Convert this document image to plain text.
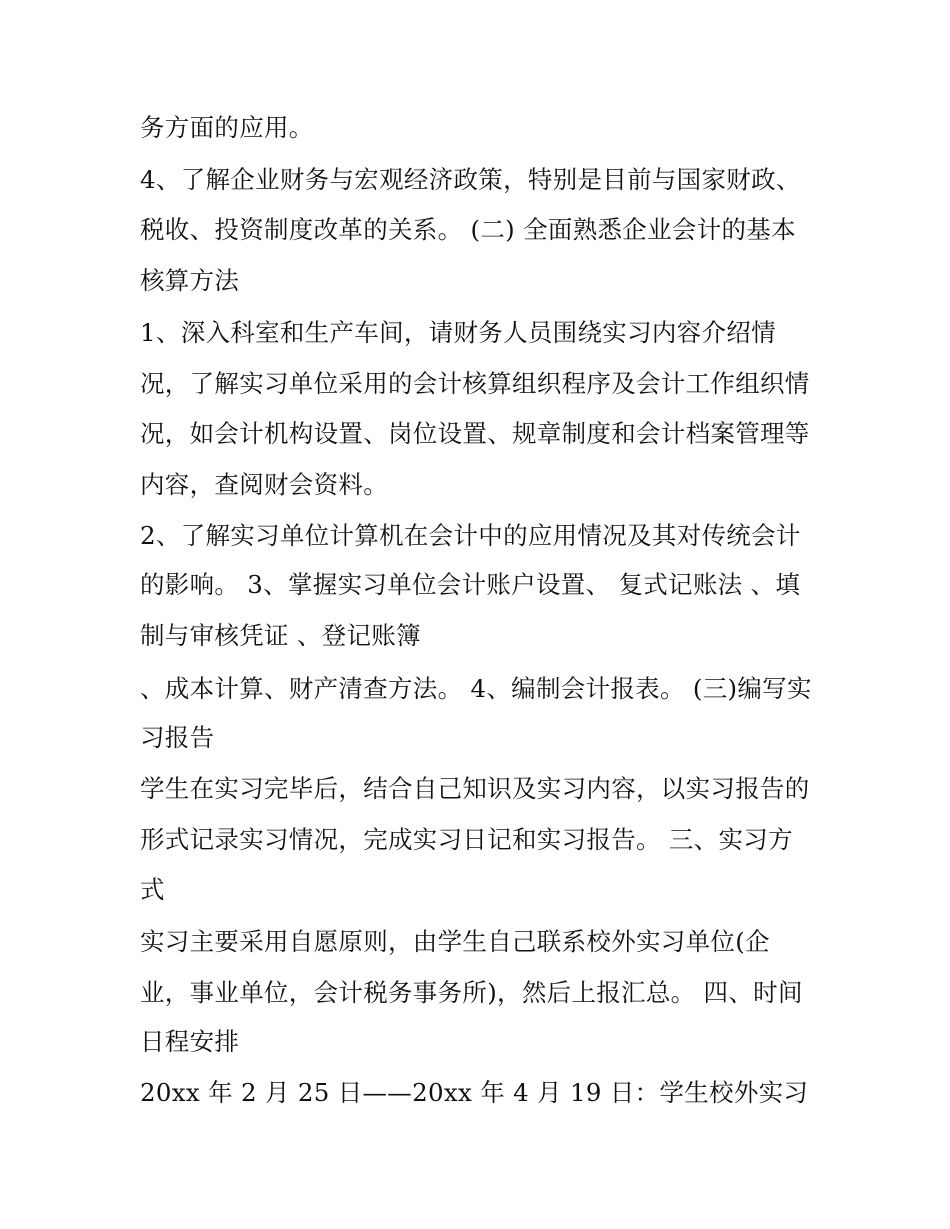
务方面的应用。
4、了解企业财务与宏观经济政策，特别是目前与国家财政、
税收、投资制度改革的关系。 (二) 全面熟悉企业会计的基本
核算方法
1、深入科室和生产车间，请财务人员围绕实习内容介绍情
况，了解实习单位采用的会计核算组织程序及会计工作组织情
况，如会计机构设置、岗位设置、规章制度和会计档案管理等
内容，查阅财会资料。
2、了解实习单位计算机在会计中的应用情况及其对传统会计
的影响。 3、掌握实习单位会计账户设置、 复式记账法 、填
制与审核凭证 、登记账簿
、成本计算、财产清查方法。 4、编制会计报表。 (三)编写实
习报告
学生在实习完毕后，结合自己知识及实习内容，以实习报告的
形式记录实习情况，完成实习日记和实习报告。 三、实习方
式
实习主要采用自愿原则，由学生自己联系校外实习单位(企
业，事业单位，会计税务事务所)，然后上报汇总。 四、时间
日程安排
20xx 年 2 月 25 日——20xx 年 4 月 19 日：学生校外实习
